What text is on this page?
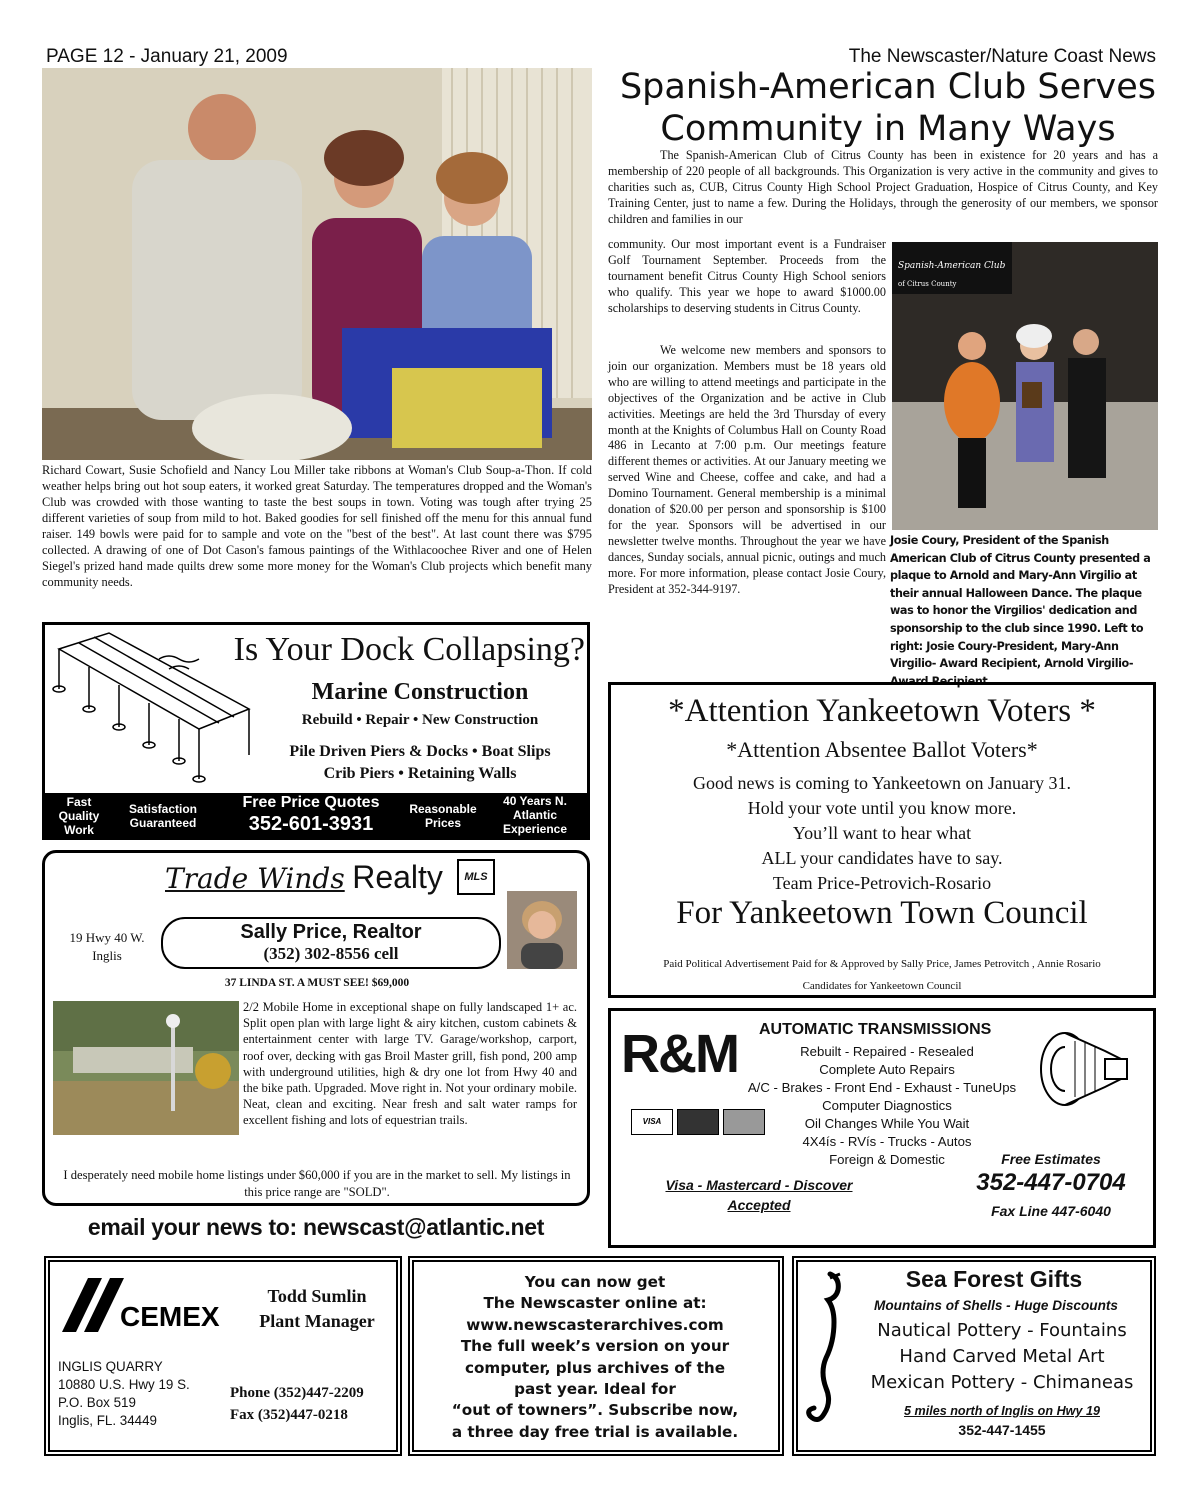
PAGE 12 - January 21, 2009	The Newscaster/Nature Coast News
Richard Cowart, Susie Schofield and Nancy Lou Miller take ribbons at Woman's Club Soup-a-Thon. If cold weather helps bring out hot soup eaters, it worked great Saturday. The temperatures dropped and the Woman's Club was crowded with those wanting to taste the best soups in town. Voting was tough after trying 25 different varieties of soup from mild to hot. Baked goodies for sell finished off the menu for this annual fund raiser. 149 bowls were paid for to sample and vote on the "best of the best". At last count there was $795 collected. A drawing of one of Dot Cason's famous paintings of the Withlacoochee River and one of Helen Siegel's prized hand made quilts drew some more money for the Woman's Club projects which benefit many community needs.
Spanish-American Club Serves Community in Many Ways
The Spanish-American Club of Citrus County has been in existence for 20 years and has a membership of 220 people of all backgrounds. This Organization is very active in the community and gives to charities such as, CUB, Citrus County High School Project Graduation, Hospice of Citrus County, and Key Training Center, just to name a few. During the Holidays, through the generosity of our members, we sponsor children and families in our
community. Our most important event is a Fundraiser Golf Tournament September. Proceeds from the tournament benefit Citrus County High School seniors who qualify. This year we hope to award $1000.00 scholarships to deserving students in Citrus County.
We welcome new members and sponsors to join our organization. Members must be 18 years old who are willing to attend meetings and participate in the objectives of the Organization and be active in Club activities. Meetings are held the 3rd Thursday of every month at the Knights of Columbus Hall on County Road 486 in Lecanto at 7:00 p.m. Our meetings feature different themes or activities. At our January meeting we served Wine and Cheese, coffee and cake, and had a Domino Tournament. General membership is a minimal donation of $20.00 per person and sponsorship is $100 for the year. Sponsors will be advertised in our newsletter twelve months. Throughout the year we have dances, Sunday socials, annual picnic, outings and much more. For more information, please contact Josie Coury, President at 352-344-9197.
Spanish-American Club
of Citrus County
Josie Coury, President of the Spanish American Club of Citrus County presented a plaque to Arnold and Mary-Ann Virgilio at their annual Halloween Dance. The plaque was to honor the Virgilios' dedication and sponsorship to the club since 1990. Left to right: Josie Coury-President, Mary-Ann Virgilio- Award Recipient, Arnold Virgilio-Award Recipient.
Is Your Dock Collapsing?
Marine Construction
Rebuild • Repair • New Construction
Pile Driven Piers & Docks • Boat Slips
Crib Piers • Retaining Walls
Fast Quality Work
Satisfaction Guaranteed
Free Price Quotes
352-601-3931
Reasonable Prices
40 Years N. Atlantic Experience
Trade Winds Realty	MLS
19 Hwy 40 W. Inglis
Sally Price, Realtor
(352) 302-8556 cell
37 LINDA ST. A MUST SEE! $69,000
2/2 Mobile Home in exceptional shape on fully landscaped 1+ ac. Split open plan with large light & airy kitchen, custom cabinets & entertainment center with large TV. Garage/workshop, carport, roof over, decking with gas Broil Master grill, fish pond, 200 amp with underground utilities, high & dry one lot from Hwy 40 and the bike path. Upgraded. Move right in. Not your ordinary mobile. Neat, clean and exciting. Near fresh and salt water ramps for excellent fishing and lots of equestrian trails.
I desperately need mobile home listings under $60,000 if you are in the market to sell. My listings in this price range are "SOLD".
email your news to: newscast@atlantic.net
*Attention Yankeetown Voters *
*Attention Absentee Ballot Voters*
Good news is coming to Yankeetown on January 31.
Hold your vote until you know more.
You’ll want to hear what
ALL your candidates have to say.
Team Price-Petrovich-Rosario
For Yankeetown Town Council
Paid Political Advertisement Paid for & Approved by Sally Price, James Petrovitch , Annie Rosario
Candidates for Yankeetown Council
R&M AUTOMATIC TRANSMISSIONS
Rebuilt - Repaired - Resealed
Complete Auto Repairs
A/C - Brakes - Front End - Exhaust - TuneUps
Computer Diagnostics
Oil Changes While You Wait
4X4ís - RVís - Trucks - Autos
Foreign & Domestic
VISA
Visa - Mastercard - Discover
Accepted
Free Estimates
352-447-0704
Fax Line 447-6040
CEMEX
Todd Sumlin
Plant Manager
INGLIS QUARRY
10880 U.S. Hwy 19 S.
P.O. Box 519
Inglis, FL. 34449
Phone (352)447-2209
Fax (352)447-0218
You can now get
The Newscaster online at:
www.newscasterarchives.com
The full week’s version on your
computer, plus archives of the
past year. Ideal for
“out of towners”. Subscribe now,
a three day free trial is available.
Sea Forest Gifts
Mountains of Shells - Huge Discounts
Nautical Pottery - Fountains
Hand Carved Metal Art
Mexican Pottery - Chimaneas
5 miles north of Inglis on Hwy 19
352-447-1455
